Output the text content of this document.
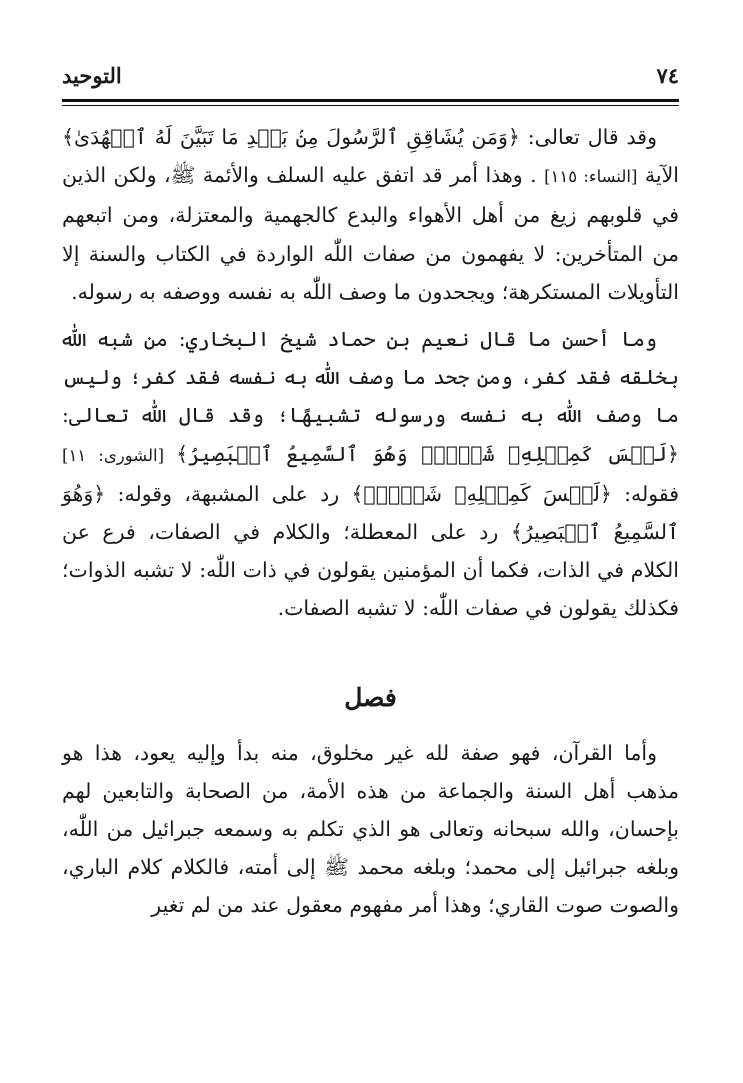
٧٤
التوحيد

وقد قال تعالى: ﴿وَمَن يُشَاقِقِ ٱلرَّسُولَ مِنۢ بَعۡدِ مَا تَبَيَّنَ لَهُ ٱلۡهُدَىٰ﴾ الآية [النساء: ١١٥] . وهذا أمر قد اتفق عليه السلف والأئمة ﷺ، ولكن الذين في قلوبهم زيغ من أهل الأهواء والبدع كالجهمية والمعتزلة، ومن اتبعهم من المتأخرين: لا يفهمون من صفات اللّٰه الواردة في الكتاب والسنة إلا التأويلات المستكرهة؛ ويجحدون ما وصف اللّٰه به نفسه ووصفه به رسوله.

وما أحسن ما قال نعيم بن حماد شيخ البخاري: من شبه اللّٰه بخلقه فقد كفر، ومن جحد ما وصف اللّٰه به نفسه فقد كفر؛ وليس ما وصف اللّٰه به نفسه ورسوله تشبيهًا؛ وقد قال اللّٰه تعالى: ﴿لَيۡسَ كَمِثۡلِهِۦ شَيۡءٞۖ وَهُوَ ٱلسَّمِيعُ ٱلۡبَصِيرُ﴾ [الشورى: ١١] فقوله: ﴿لَيۡسَ كَمِثۡلِهِۦ شَيۡءٞۖ﴾ رد على المشبهة، وقوله: ﴿وَهُوَ ٱلسَّمِيعُ ٱلۡبَصِيرُ﴾ رد على المعطلة؛ والكلام في الصفات، فرع عن الكلام في الذات، فكما أن المؤمنين يقولون في ذات اللّٰه: لا تشبه الذوات؛ فكذلك يقولون في صفات اللّٰه: لا تشبه الصفات.

فصل

وأما القرآن، فهو صفة لله غير مخلوق، منه بدأ وإليه يعود، هذا هو مذهب أهل السنة والجماعة من هذه الأمة، من الصحابة والتابعين لهم بإحسان، والله سبحانه وتعالى هو الذي تكلم به وسمعه جبرائيل من اللّٰه، وبلغه جبرائيل إلى محمد؛ وبلغه محمد ﷺ إلى أمته، فالكلام كلام الباري، والصوت صوت القاري؛ وهذا أمر مفهوم معقول عند من لم تغير
